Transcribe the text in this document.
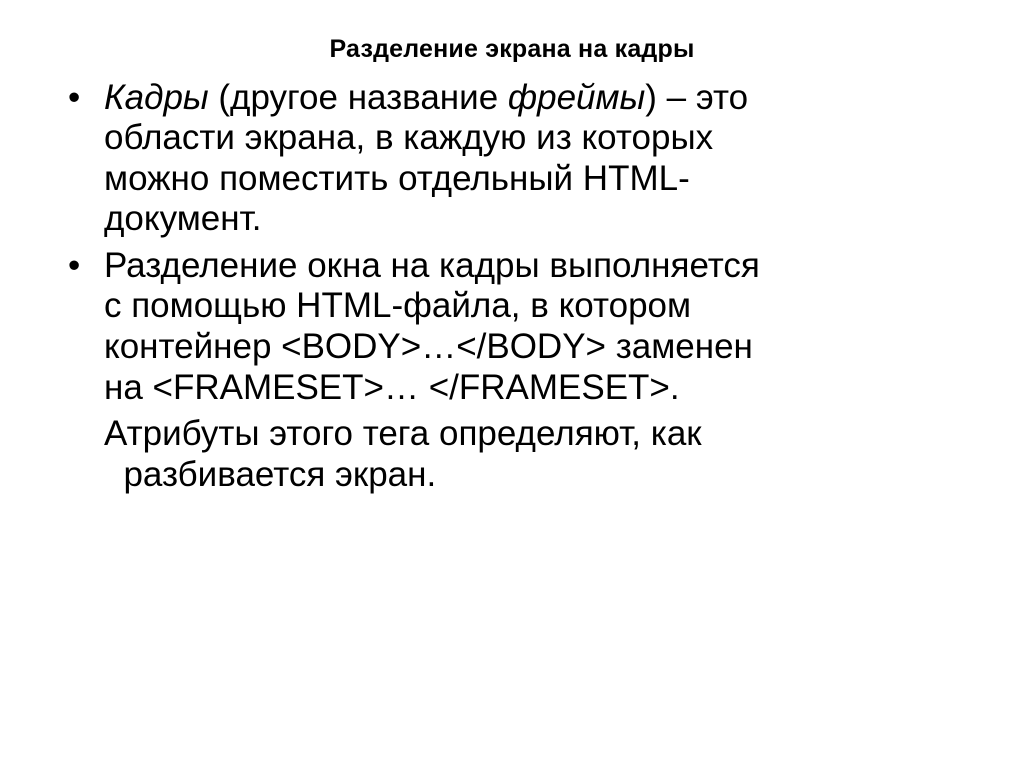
Разделение экрана на кадры
• Кадры (другое название фреймы) – это
области экрана, в каждую из которых
можно поместить отдельный HTML-
документ.
• Разделение окна на кадры выполняется
с помощью HTML-файла, в котором
контейнер <BODY>…</BODY> заменен
на <FRAMESET>… </FRAMESET>.
Атрибуты этого тега определяют, как
разбивается экран.
